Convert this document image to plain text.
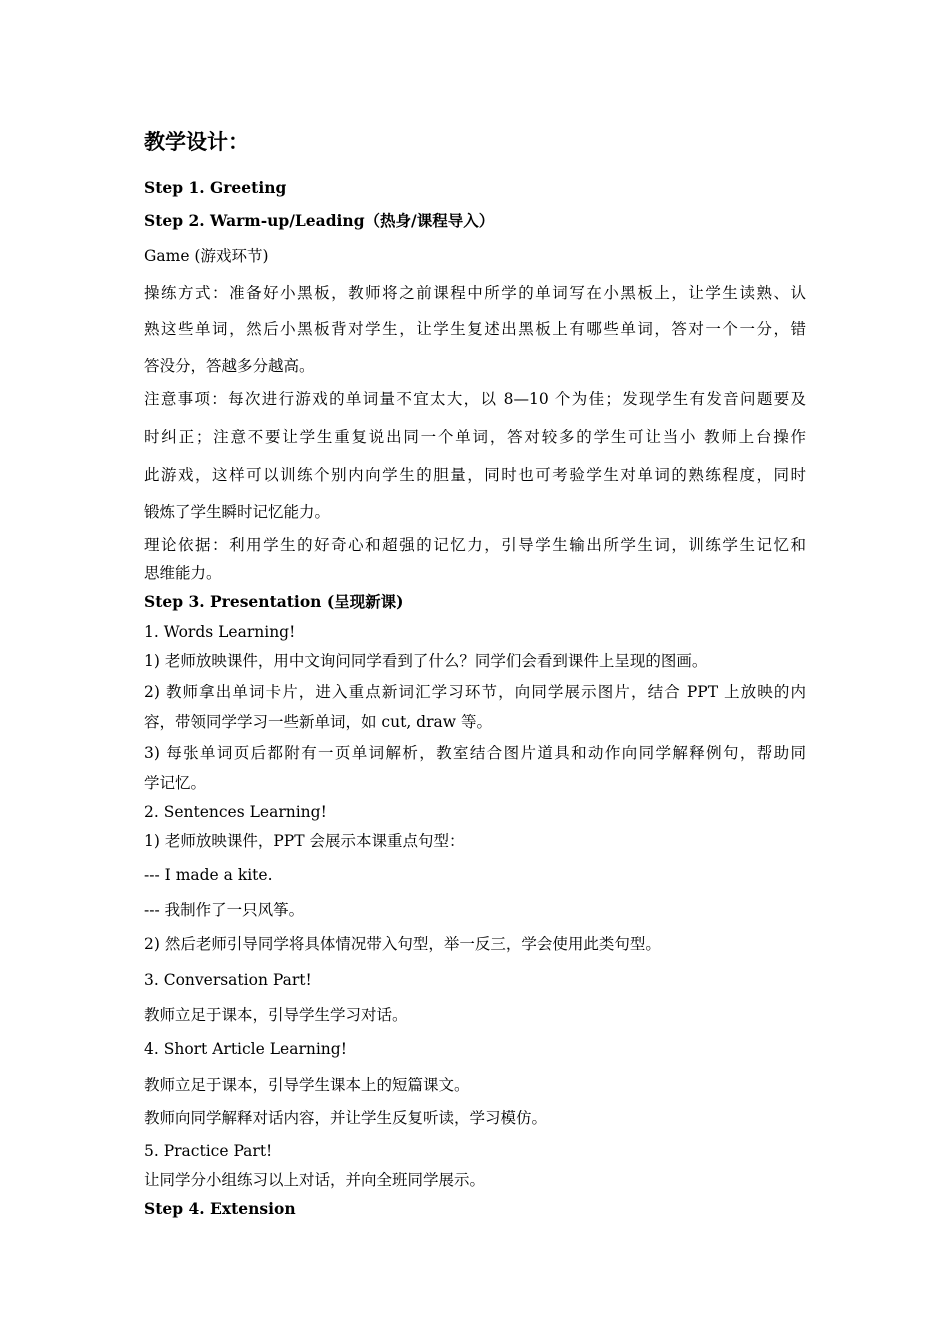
教学设计：
Step 1. Greeting
Step 2. Warm-up/Leading（热身/课程导入）
Game (游戏环节)
操练方式：准备好小黑板，教师将之前课程中所学的单词写在小黑板上，让学生读熟、认
熟这些单词，然后小黑板背对学生，让学生复述出黑板上有哪些单词，答对一个一分，错
答没分，答越多分越高。
注意事项：每次进行游戏的单词量不宜太大，以 8—10 个为佳；发现学生有发音问题要及
时纠正；注意不要让学生重复说出同一个单词，答对较多的学生可让当小 教师上台操作
此游戏，这样可以训练个别内向学生的胆量，同时也可考验学生对单词的熟练程度，同时
锻炼了学生瞬时记忆能力。
理论依据：利用学生的好奇心和超强的记忆力，引导学生输出所学生词，训练学生记忆和
思维能力。
Step 3. Presentation (呈现新课)
1. Words Learning!
1) 老师放映课件，用中文询问同学看到了什么？同学们会看到课件上呈现的图画。
2) 教师拿出单词卡片，进入重点新词汇学习环节，向同学展示图片，结合 PPT 上放映的内
容，带领同学学习一些新单词，如 cut, draw 等。
3) 每张单词页后都附有一页单词解析，教室结合图片道具和动作向同学解释例句，帮助同
学记忆。
2. Sentences Learning!
1) 老师放映课件，PPT 会展示本课重点句型：
--- I made a kite.
--- 我制作了一只风筝。
2) 然后老师引导同学将具体情况带入句型，举一反三，学会使用此类句型。
3. Conversation Part!
教师立足于课本，引导学生学习对话。
4. Short Article Learning!
教师立足于课本，引导学生课本上的短篇课文。
教师向同学解释对话内容，并让学生反复听读，学习模仿。
5. Practice Part!
让同学分小组练习以上对话，并向全班同学展示。
Step 4. Extension
